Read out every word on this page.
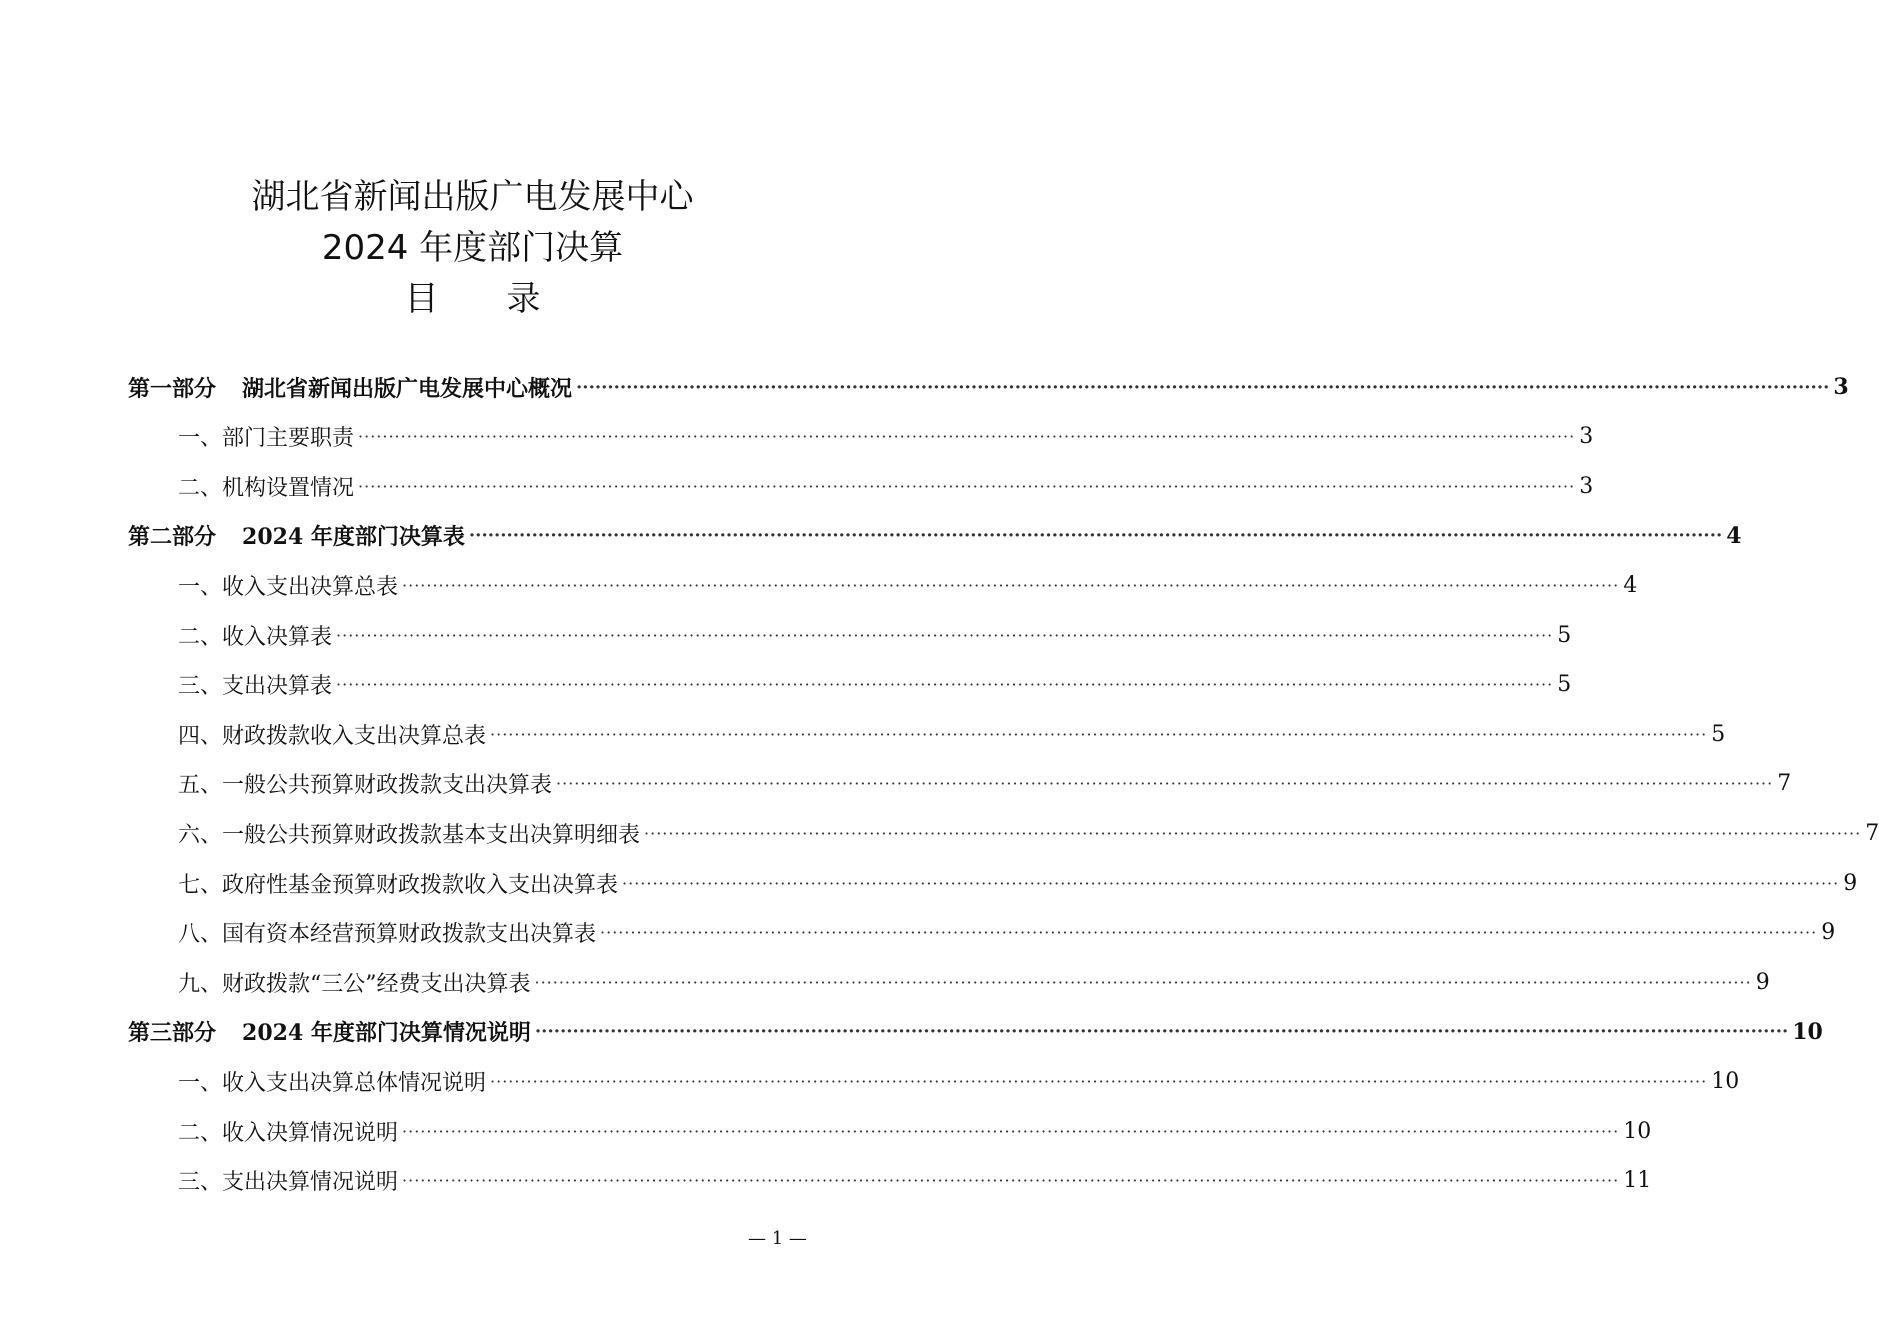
湖北省新闻出版广电发展中心
2024 年度部门决算
目录
第一部分 湖北省新闻出版广电发展中心概况 ········································································································································································································ 3
一、部门主要职责 ········································································································································································································ 3
二、机构设置情况 ········································································································································································································ 3
第二部分 2024 年度部门决算表 ········································································································································································································ 4
一、收入支出决算总表 ········································································································································································································ 4
二、收入决算表 ········································································································································································································ 5
三、支出决算表 ········································································································································································································ 5
四、财政拨款收入支出决算总表 ········································································································································································································ 5
五、一般公共预算财政拨款支出决算表 ········································································································································································································ 7
六、一般公共预算财政拨款基本支出决算明细表 ········································································································································································································ 7
七、政府性基金预算财政拨款收入支出决算表 ········································································································································································································ 9
八、国有资本经营预算财政拨款支出决算表 ········································································································································································································ 9
九、财政拨款“三公”经费支出决算表 ········································································································································································································ 9
第三部分 2024 年度部门决算情况说明 ········································································································································································································ 10
一、收入支出决算总体情况说明 ········································································································································································································ 10
二、收入决算情况说明 ········································································································································································································ 10
三、支出决算情况说明 ········································································································································································································ 11
— 1 —
